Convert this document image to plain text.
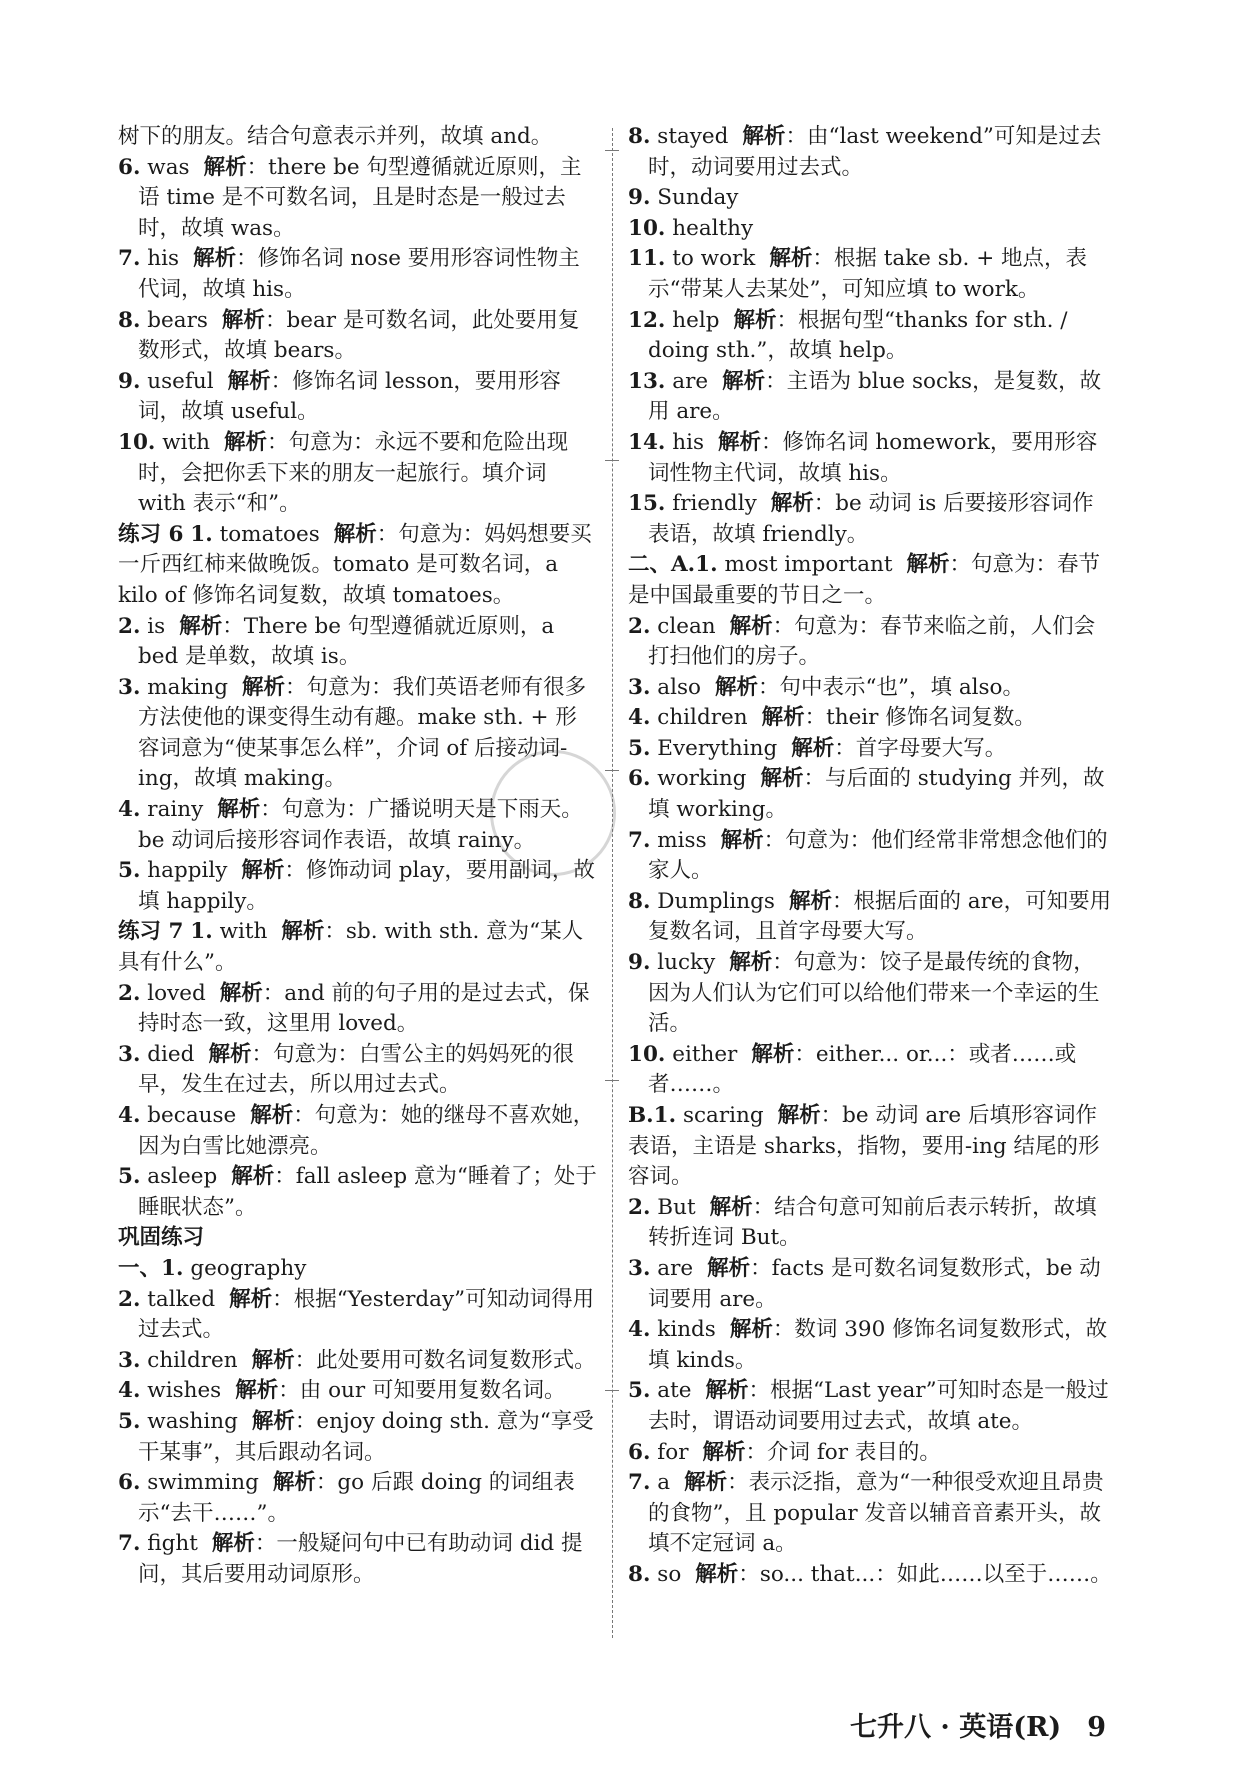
树下的朋友。结合句意表示并列，故填 and。
6. was 解析：there be 句型遵循就近原则，主语 time 是不可数名词，且是时态是一般过去时，故填 was。
7. his 解析：修饰名词 nose 要用形容词性物主代词，故填 his。
8. bears 解析：bear 是可数名词，此处要用复数形式，故填 bears。
9. useful 解析：修饰名词 lesson，要用形容词，故填 useful。
10. with 解析：句意为：永远不要和危险出现时，会把你丢下来的朋友一起旅行。填介词 with 表示“和”。
练习 6 1. tomatoes 解析：句意为：妈妈想要买一斤西红柿来做晚饭。tomato 是可数名词，a kilo of 修饰名词复数，故填 tomatoes。
2. is 解析：There be 句型遵循就近原则，a bed 是单数，故填 is。
3. making 解析：句意为：我们英语老师有很多方法使他的课变得生动有趣。make sth. + 形容词意为“使某事怎么样”，介词 of 后接动词-ing，故填 making。
4. rainy 解析：句意为：广播说明天是下雨天。be 动词后接形容词作表语，故填 rainy。
5. happily 解析：修饰动词 play，要用副词，故填 happily。
练习 7 1. with 解析：sb. with sth. 意为“某人具有什么”。
2. loved 解析：and 前的句子用的是过去式，保持时态一致，这里用 loved。
3. died 解析：句意为：白雪公主的妈妈死的很早，发生在过去，所以用过去式。
4. because 解析：句意为：她的继母不喜欢她，因为白雪比她漂亮。
5. asleep 解析：fall asleep 意为“睡着了；处于睡眠状态”。
巩固练习
一、1. geography
2. talked 解析：根据“Yesterday”可知动词得用过去式。
3. children 解析：此处要用可数名词复数形式。
4. wishes 解析：由 our 可知要用复数名词。
5. washing 解析：enjoy doing sth. 意为“享受干某事”，其后跟动名词。
6. swimming 解析：go 后跟 doing 的词组表示“去干……”。
7. fight 解析：一般疑问句中已有助动词 did 提问，其后要用动词原形。
8. stayed 解析：由“last weekend”可知是过去时，动词要用过去式。
9. Sunday
10. healthy
11. to work 解析：根据 take sb. + 地点，表示“带某人去某处”，可知应填 to work。
12. help 解析：根据句型“thanks for sth. / doing sth.”，故填 help。
13. are 解析：主语为 blue socks，是复数，故用 are。
14. his 解析：修饰名词 homework，要用形容词性物主代词，故填 his。
15. friendly 解析：be 动词 is 后要接形容词作表语，故填 friendly。
二、A.1. most important 解析：句意为：春节是中国最重要的节日之一。
2. clean 解析：句意为：春节来临之前，人们会打扫他们的房子。
3. also 解析：句中表示“也”，填 also。
4. children 解析：their 修饰名词复数。
5. Everything 解析：首字母要大写。
6. working 解析：与后面的 studying 并列，故填 working。
7. miss 解析：句意为：他们经常非常想念他们的家人。
8. Dumplings 解析：根据后面的 are，可知要用复数名词，且首字母要大写。
9. lucky 解析：句意为：饺子是最传统的食物，因为人们认为它们可以给他们带来一个幸运的生活。
10. either 解析：either... or...：或者……或者……。
B.1. scaring 解析：be 动词 are 后填形容词作表语，主语是 sharks，指物，要用-ing 结尾的形容词。
2. But 解析：结合句意可知前后表示转折，故填转折连词 But。
3. are 解析：facts 是可数名词复数形式，be 动词要用 are。
4. kinds 解析：数词 390 修饰名词复数形式，故填 kinds。
5. ate 解析：根据“Last year”可知时态是一般过去时，谓语动词要用过去式，故填 ate。
6. for 解析：介词 for 表目的。
7. a 解析：表示泛指，意为“一种很受欢迎且昂贵的食物”，且 popular 发音以辅音音素开头，故填不定冠词 a。
8. so 解析：so... that...：如此……以至于……。
七升八 · 英语(R) 9
